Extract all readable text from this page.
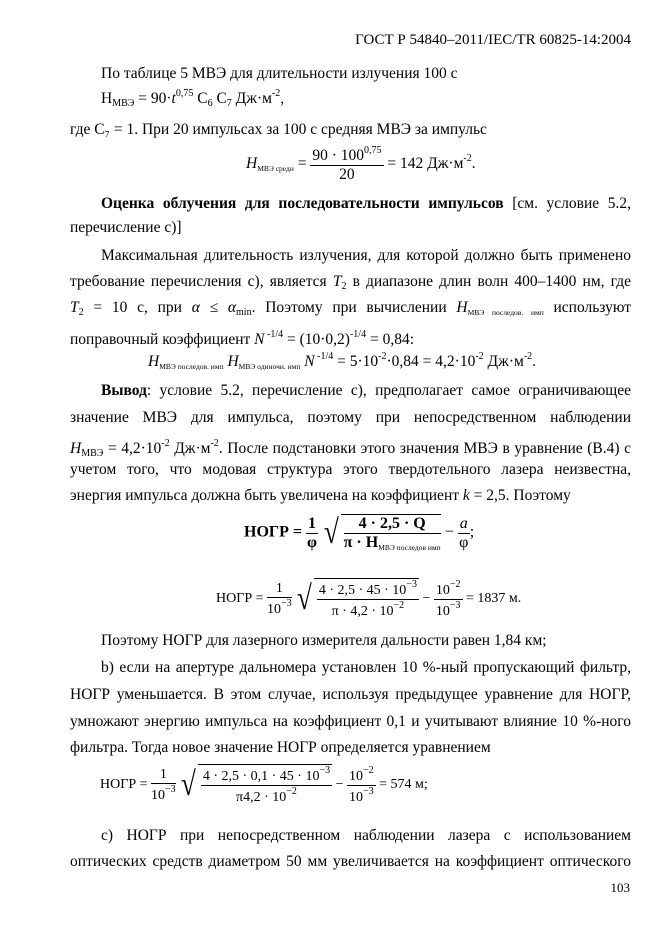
ГОСТ Р 54840–2011/IEC/TR 60825-14:2004
По таблице 5 МВЭ для длительности излучения 100 с
$Н_{МВЭ} = 90\cdot t^{0,75}$ $С_6$ $С_7$ $Дж\cdot м^{-2}$,
где С₇ = 1. При 20 импульсах за 100 с средняя МВЭ за импульс
HМВЭ средн = $\frac{90 \cdot 100^{0,75}}{20} = 142$ $Дж\cdot м^{-2}$.
Оценка облучения для последовательности импульсов [см. условие 5.2,
перечисление с)]
Максимальная длительность излучения, для которой должно быть применено
требование перечисления с), является $T_2$ в диапазоне длин волн 400–1400 нм, где
$T_2 = 10$ с, при $\alpha \le \alpha_{min}$. Поэтому при вычислении HМВЭ последов. имп используют
поправочный коэффициент N $^{-1/4} = (10\cdot 0,2)^{-1/4} = 0,84$:
HМВЭ последов. имп HМВЭ одиночн. имп N $^{-1/4} = 5\cdot 10^{-2}\cdot 0,84 = 4,2\cdot 10^{-2}$ $Дж\cdot м^{-2}$.
Вывод: условие 5.2, перечисление с), предполагает самое ограничивающее
значение МВЭ для импульса, поэтому при непосредственном наблюдении
$H_{МВЭ} = 4,2\cdot 10^{-2}$ $Дж\cdot м^{-2}$. После подстановки этого значения МВЭ в уравнение (В.4) с
учетом того, что модовая структура этого твердотельного лазера неизвестна,
энергия импульса должна быть увеличена на коэффициент k = 2,5. Поэтому
НОГР = $\frac{1}{\varphi}$ √ $\frac{4 \cdot 2,5 \cdot Q}{\text{π · HМВЭ последов имп}} - \frac{a}{\varphi}$ ;
НОГР = $\frac{1}{10^{-3}}$ √ $\frac{4 \cdot 2,5 \cdot 45 \cdot 10^{-3}}{\pi \cdot 4,2 \cdot 10^{-2}} - \frac{10^{-2}}{10^{-3}} = 1837$ м.
Поэтому НОГР для лазерного измерителя дальности равен 1,84 км;
b) если на апертуре дальномера установлен 10 %-ный пропускающий фильтр,
НОГР уменьшается. В этом случае, используя предыдущее уравнение для НОГР,
умножают энергию импульса на коэффициент 0,1 и учитывают влияние 10 %-ного
фильтра. Тогда новое значение НОГР определяется уравнением
НОГР = $\frac{1}{10^{-3}}$ √ $\frac{4 \cdot 2,5 \cdot 0,1 \cdot 45 \cdot 10^{-3}}{\pi 4,2 \cdot 10^{-2}} - \frac{10^{-2}}{10^{-3}} = 574$ м;
с) НОГР при непосредственном наблюдении лазера с использованием
оптических средств диаметром 50 мм увеличивается на коэффициент оптического
103
